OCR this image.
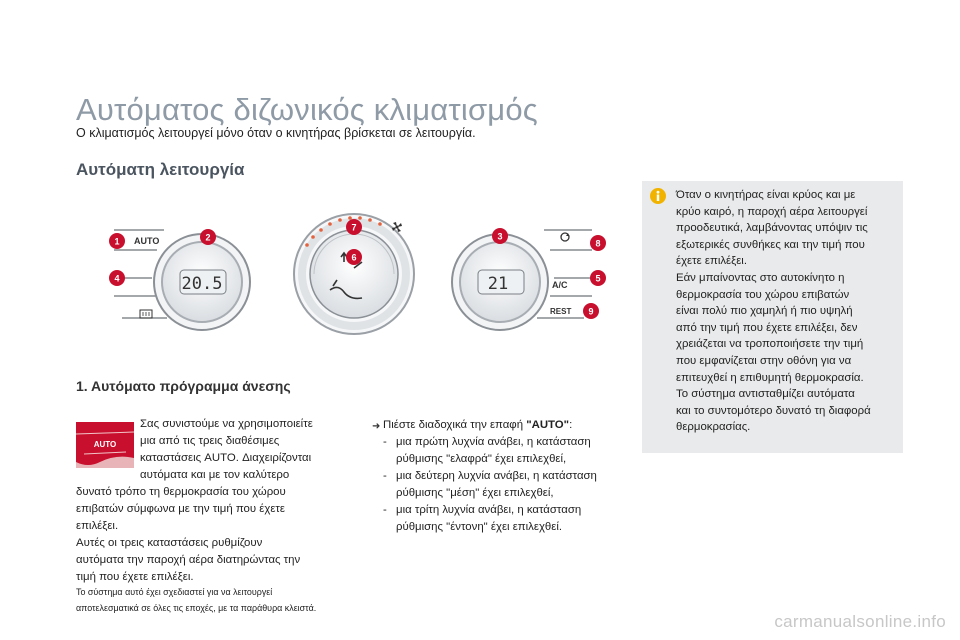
Αυτόματος διζωνικός κλιματισμός
Ο κλιματισμός λειτουργεί μόνο όταν ο κινητήρας βρίσκεται σε λειτουργία.
Αυτόματη λειτουργία
AUTO
20.5	21	A/C
REST
1	2	3
4	5
6
7
8
9
Όταν ο κινητήρας είναι κρύος και με
κρύο καιρό, η παροχή αέρα λειτουργεί
προοδευτικά, λαμβάνοντας υπόψιν τις
εξωτερικές συνθήκες και την τιμή που
έχετε επιλέξει.
Εάν μπαίνοντας στο αυτοκίνητο η
θερμοκρασία του χώρου επιβατών
είναι πολύ πιο χαμηλή ή πιο υψηλή
από την τιμή που έχετε επιλέξει, δεν
χρειάζεται να τροποποιήσετε την τιμή
που εμφανίζεται στην οθόνη για να
επιτευχθεί η επιθυμητή θερμοκρασία.
Το σύστημα αντισταθμίζει αυτόματα
και το συντομότερο δυνατό τη διαφορά
θερμοκρασίας.
1. Αυτόματο πρόγραμμα άνεσης
AUTO
Σας συνιστούμε να χρησιμοποιείτε
μια από τις τρεις διαθέσιμες
καταστάσεις AUTO. Διαχειρίζονται
αυτόματα και με τον καλύτερο
δυνατό τρόπο τη θερμοκρασία του χώρου
επιβατών σύμφωνα με την τιμή που έχετε
επιλέξει.
Αυτές οι τρεις καταστάσεις ρυθμίζουν
αυτόματα την παροχή αέρα διατηρώντας την
τιμή που έχετε επιλέξει.
Το σύστημα αυτό έχει σχεδιαστεί για να λειτουργεί
αποτελεσματικά σε όλες τις εποχές, με τα παράθυρα κλειστά.
➜ Πιέστε διαδοχικά την επαφή "AUTO":
- μια πρώτη λυχνία ανάβει, η κατάσταση
ρύθμισης "ελαφρά" έχει επιλεχθεί,
- μια δεύτερη λυχνία ανάβει, η κατάσταση
ρύθμισης "μέση" έχει επιλεχθεί,
- μια τρίτη λυχνία ανάβει, η κατάσταση
ρύθμισης "έντονη" έχει επιλεχθεί.
carmanualsonline.info
